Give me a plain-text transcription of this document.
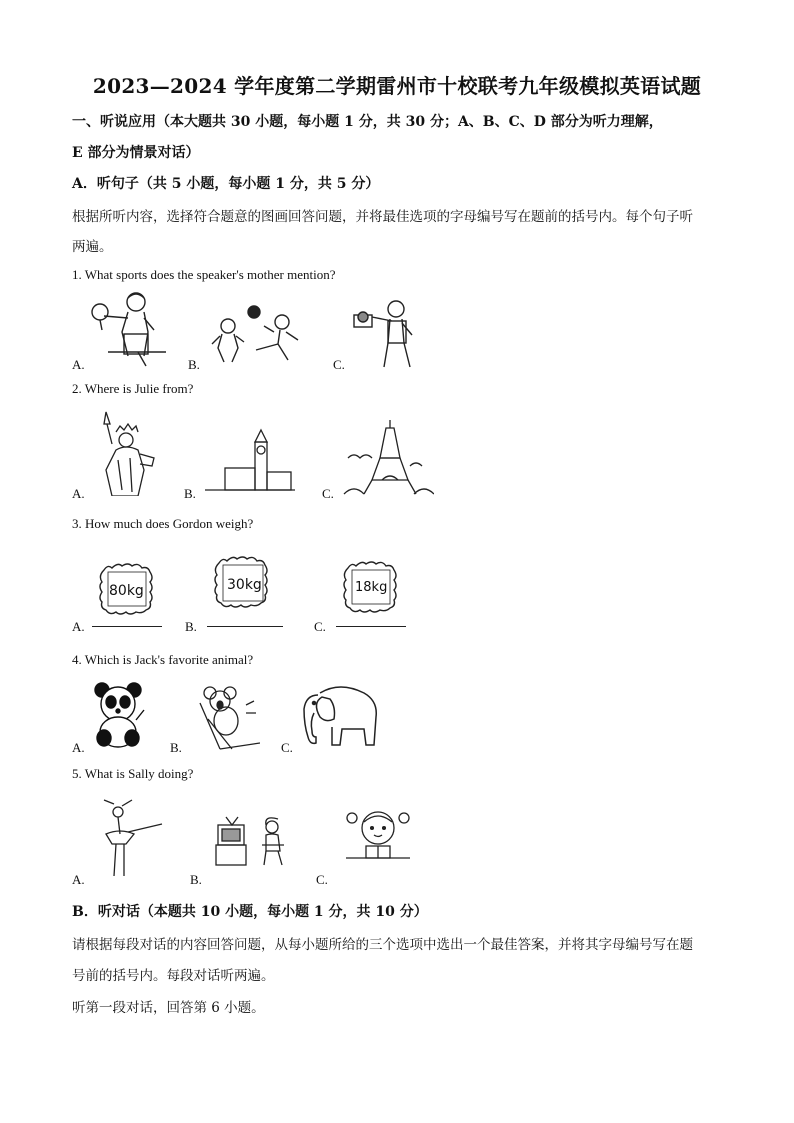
2023—2024 学年度第二学期雷州市十校联考九年级模拟英语试题
一、听说应用（本大题共 30 小题，每小题 1 分，共 30 分；A、B、C、D 部分为听力理解，
E 部分为情景对话）
A．听句子（共 5 小题，每小题 1 分，共 5 分）
根据所听内容，选择符合题意的图画回答问题，并将最佳选项的字母编号写在题前的括号内。每个句子听
两遍。
1. What sports does the speaker's mother mention?
A.	B.	C.
2. Where is Julie from?
A.	B.	C.
3. How much does Gordon weigh?
A.	B.	C.
80kg	30kg	18kg
4. Which is Jack's favorite animal?
A.	B.	C.
5. What is Sally doing?
A.	B.	C.
B．听对话（本题共 10 小题，每小题 1 分，共 10 分）
请根据每段对话的内容回答问题，从每小题所给的三个选项中选出一个最佳答案，并将其字母编号写在题
号前的括号内。每段对话听两遍。
听第一段对话，回答第 6 小题。
